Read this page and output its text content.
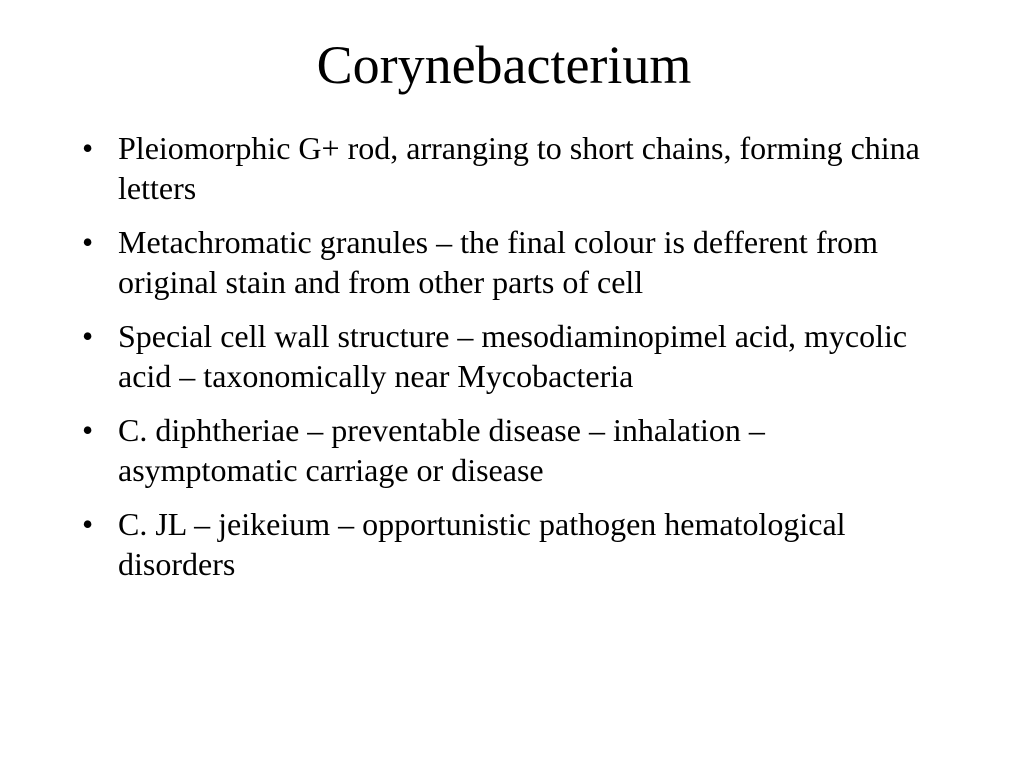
Corynebacterium
• Pleiomorphic G+ rod, arranging to short chains, forming china letters
• Metachromatic granules – the final colour is defferent from original stain and from other parts of cell
• Special cell wall structure – mesodiaminopimel acid, mycolic acid – taxonomically near Mycobacteria
• C. diphtheriae – preventable disease – inhalation – asymptomatic carriage or disease
• C. JL – jeikeium – opportunistic pathogen hematological disorders
